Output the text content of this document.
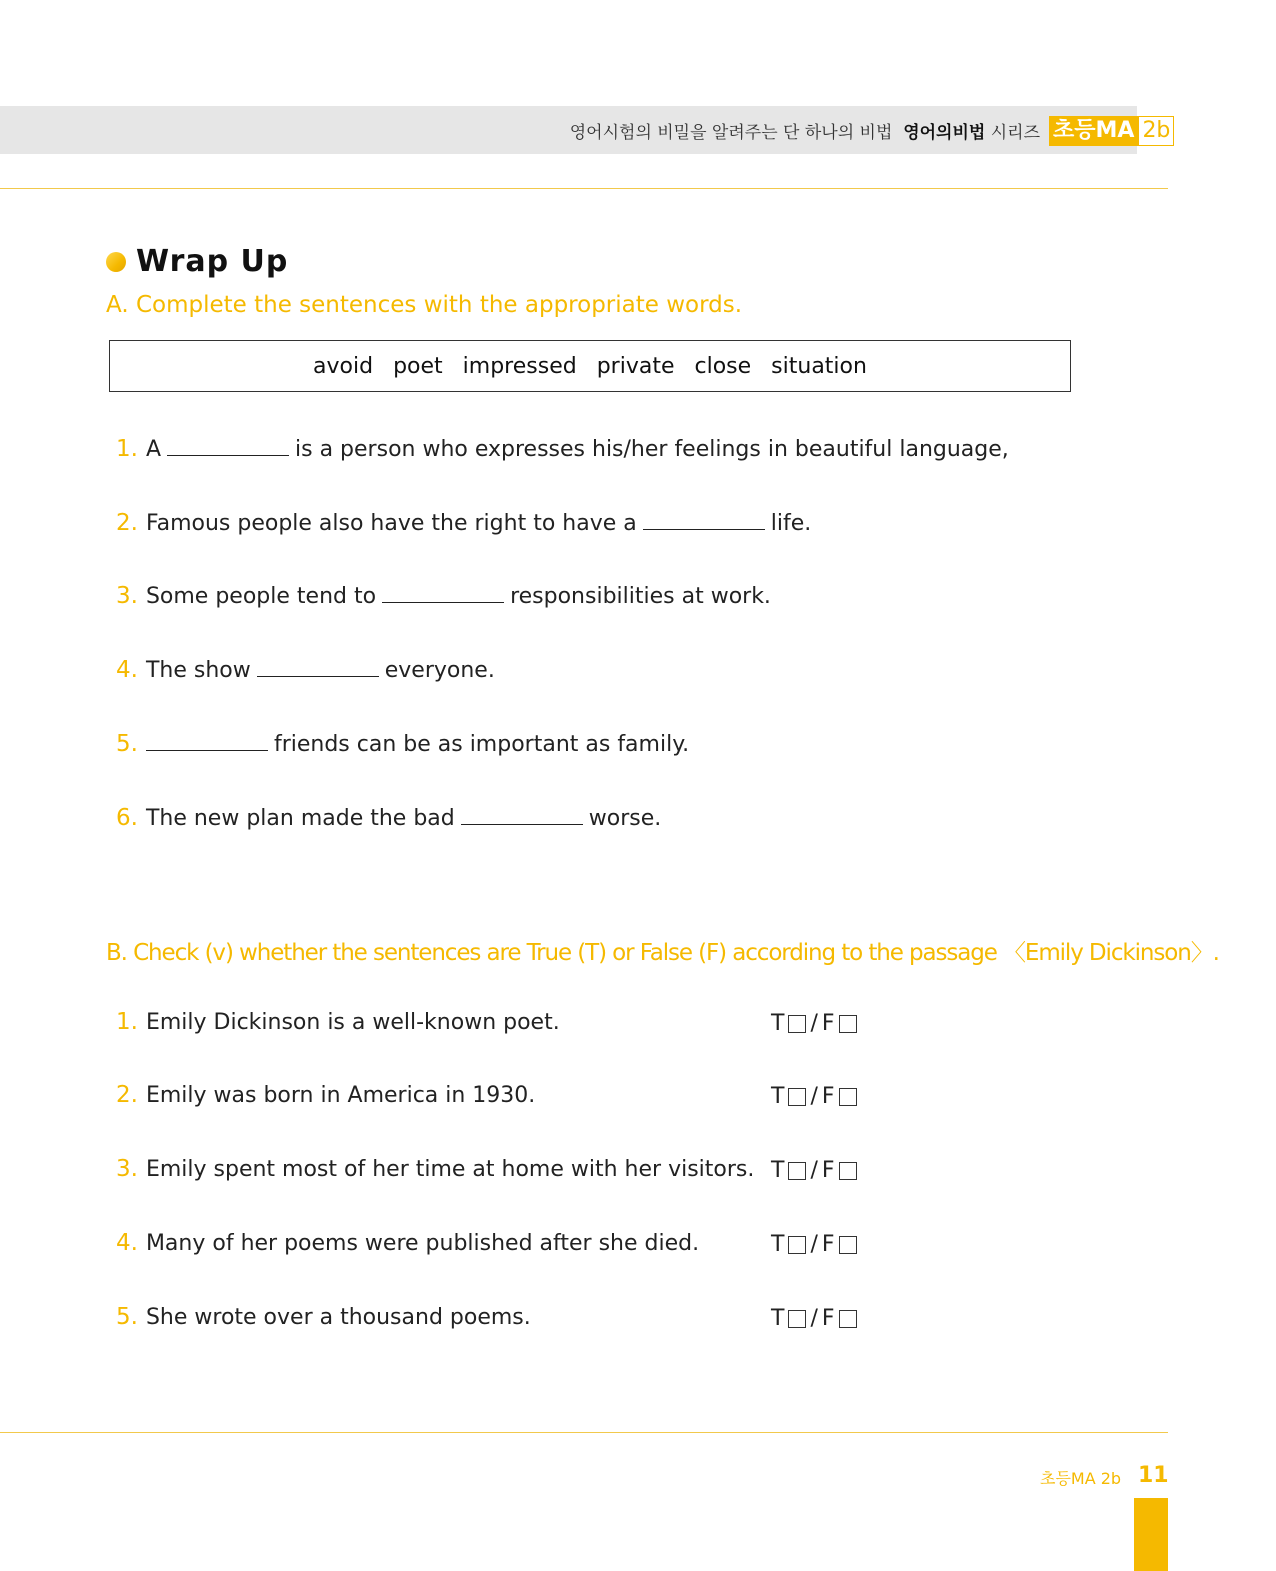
영어시험의 비밀을 알려주는 단 하나의 비법 영어의비법 시리즈 초등MA 2b
Wrap Up
A. Complete the sentences with the appropriate words.
avoid poet impressed private close situation
1. A	is a person who expresses his/her feelings in beautiful language,
2. Famous people also have the right to have a	life.
3. Some people tend to	responsibilities at work.
4. The show	everyone.
5.	friends can be as important as family.
6. The new plan made the bad	worse.
B. Check (v) whether the sentences are True (T) or False (F) according to the passage 〈Emily Dickinson〉.
1. Emily Dickinson is a well-known poet.	T / F
2. Emily was born in America in 1930.	T / F
3. Emily spent most of her time at home with her visitors. T / F
4. Many of her poems were published after she died.	T / F
5. She wrote over a thousand poems.	T / F
초등MA 2b 11
